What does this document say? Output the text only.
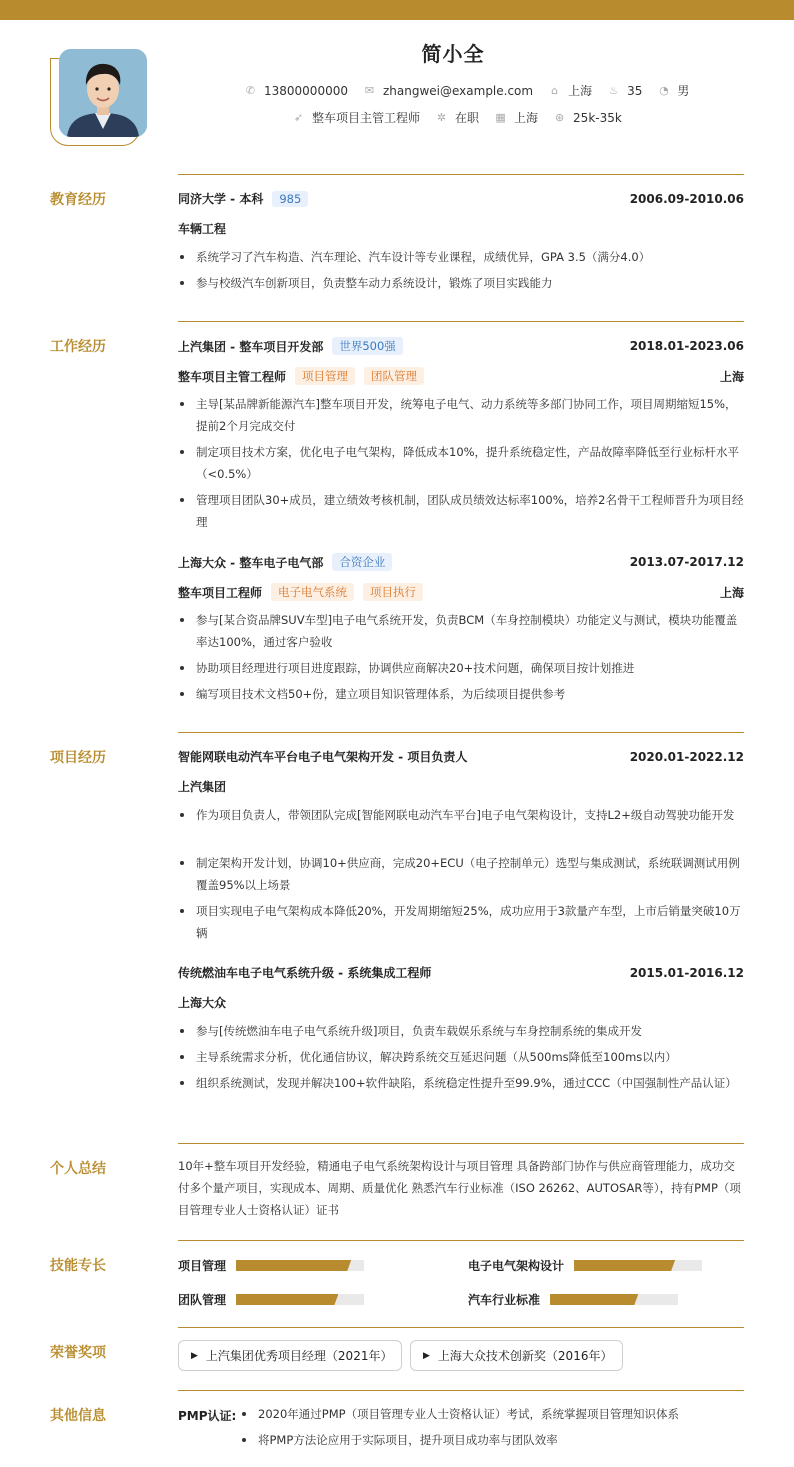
简小全
✆ 13800000000 ✉ zhangwei@example.com ⌂ 上海 ♨ 35 ◔ 男
➶ 整车项目主管工程师 ✲ 在职 ▦ 上海 ⊛ 25k-35k
教育经历	同济大学 - 本科	985	2006.09-2010.06
车辆工程
系统学习了汽车构造、汽车理论、汽车设计等专业课程，成绩优异，GPA 3.5（满分4.0）
参与校级汽车创新项目，负责整车动力系统设计，锻炼了项目实践能力
工作经历	上汽集团 - 整车项目开发部	世界500强	2018.01-2023.06
整车项目主管工程师	项目管理	团队管理	上海
主导[某品牌新能源汽车]整车项目开发，统筹电子电气、动力系统等多部门协同工作，项目周期缩短15%，提前2个月完成交付
制定项目技术方案，优化电子电气架构，降低成本10%，提升系统稳定性，产品故障率降低至行业标杆水平（<0.5%）
管理项目团队30+成员，建立绩效考核机制，团队成员绩效达标率100%，培养2名骨干工程师晋升为项目经理
上海大众 - 整车电子电气部	合资企业	2013.07-2017.12
整车项目工程师	电子电气系统	项目执行	上海
参与[某合资品牌SUV车型]电子电气系统开发，负责BCM（车身控制模块）功能定义与测试，模块功能覆盖率达100%，通过客户验收
协助项目经理进行项目进度跟踪，协调供应商解决20+技术问题，确保项目按计划推进
编写项目技术文档50+份，建立项目知识管理体系，为后续项目提供参考
项目经历	智能网联电动汽车平台电子电气架构开发 - 项目负责人	2020.01-2022.12
上汽集团
作为项目负责人，带领团队完成[智能网联电动汽车平台]电子电气架构设计，支持L2+级自动驾驶功能开发
制定架构开发计划，协调10+供应商，完成20+ECU（电子控制单元）选型与集成测试，系统联调测试用例覆盖95%以上场景
项目实现电子电气架构成本降低20%，开发周期缩短25%，成功应用于3款量产车型，上市后销量突破10万辆
传统燃油车电子电气系统升级 - 系统集成工程师	2015.01-2016.12
上海大众
参与[传统燃油车电子电气系统升级]项目，负责车载娱乐系统与车身控制系统的集成开发
主导系统需求分析，优化通信协议，解决跨系统交互延迟问题（从500ms降低至100ms以内）
组织系统测试，发现并解决100+软件缺陷，系统稳定性提升至99.9%，通过CCC（中国强制性产品认证）
个人总结	10年+整车项目开发经验，精通电子电气系统架构设计与项目管理 具备跨部门协作与供应商管理能力，成功交付多个量产项目，实现成本、周期、质量优化 熟悉汽车行业标准（ISO 26262、AUTOSAR等），持有PMP（项目管理专业人士资格认证）证书
技能专长	项目管理	电子电气架构设计
团队管理	汽车行业标准
荣誉奖项	▶ 上汽集团优秀项目经理（2021年）	▶ 上海大众技术创新奖（2016年）
其他信息	PMP认证:	2020年通过PMP（项目管理专业人士资格认证）考试，系统掌握项目管理知识体系
将PMP方法论应用于实际项目，提升项目成功率与团队效率
